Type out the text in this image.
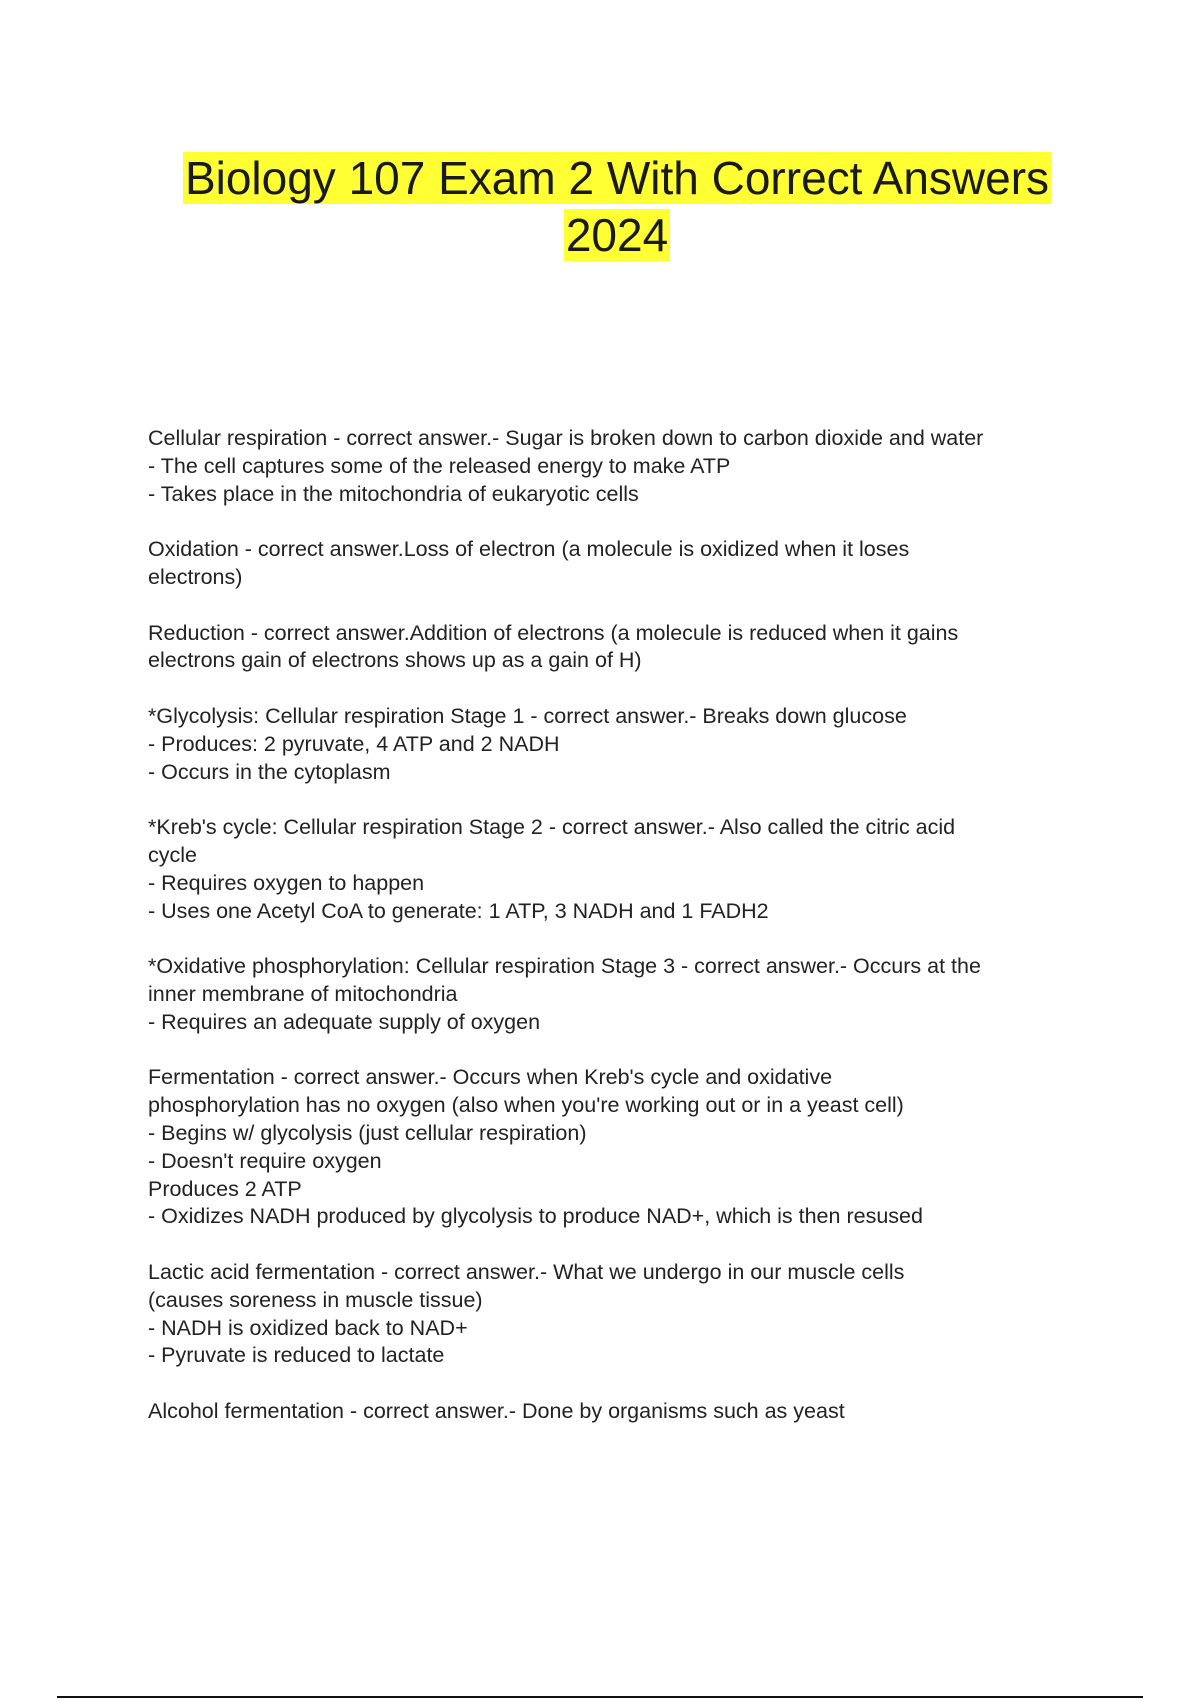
Biology 107 Exam 2 With Correct Answers
2024
Cellular respiration - correct answer.- Sugar is broken down to carbon dioxide and water
- The cell captures some of the released energy to make ATP
- Takes place in the mitochondria of eukaryotic cells
Oxidation - correct answer.Loss of electron (a molecule is oxidized when it loses
electrons)
Reduction - correct answer.Addition of electrons (a molecule is reduced when it gains
electrons gain of electrons shows up as a gain of H)
*Glycolysis: Cellular respiration Stage 1 - correct answer.- Breaks down glucose
- Produces: 2 pyruvate, 4 ATP and 2 NADH
- Occurs in the cytoplasm
*Kreb's cycle: Cellular respiration Stage 2 - correct answer.- Also called the citric acid
cycle
- Requires oxygen to happen
- Uses one Acetyl CoA to generate: 1 ATP, 3 NADH and 1 FADH2
*Oxidative phosphorylation: Cellular respiration Stage 3 - correct answer.- Occurs at the
inner membrane of mitochondria
- Requires an adequate supply of oxygen
Fermentation - correct answer.- Occurs when Kreb's cycle and oxidative
phosphorylation has no oxygen (also when you're working out or in a yeast cell)
- Begins w/ glycolysis (just cellular respiration)
- Doesn't require oxygen
Produces 2 ATP
- Oxidizes NADH produced by glycolysis to produce NAD+, which is then resused
Lactic acid fermentation - correct answer.- What we undergo in our muscle cells
(causes soreness in muscle tissue)
- NADH is oxidized back to NAD+
- Pyruvate is reduced to lactate
Alcohol fermentation - correct answer.- Done by organisms such as yeast
